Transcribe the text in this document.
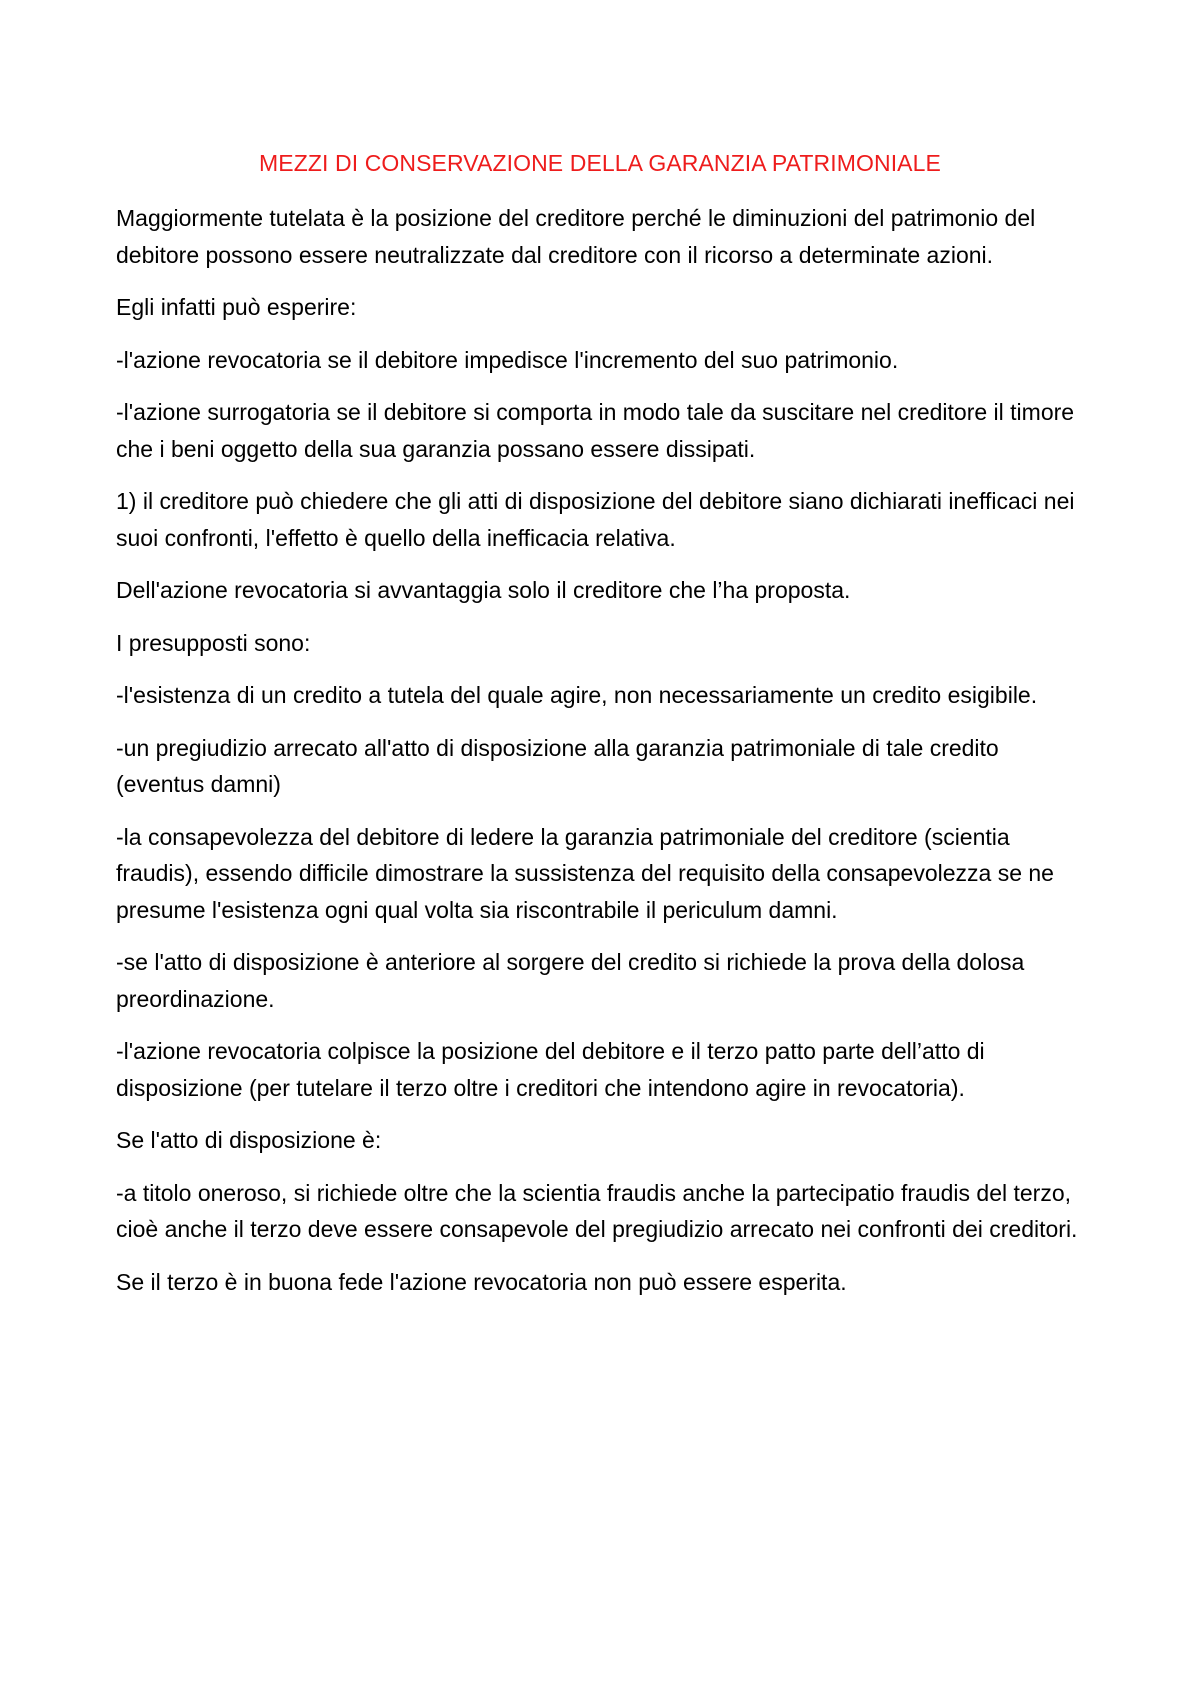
MEZZI DI CONSERVAZIONE DELLA GARANZIA PATRIMONIALE

Maggiormente tutelata è la posizione del creditore perché le diminuzioni del patrimonio del debitore possono essere neutralizzate dal creditore con il ricorso a determinate azioni.

Egli infatti può esperire:

-l'azione revocatoria se il debitore impedisce l'incremento del suo patrimonio.

-l'azione surrogatoria se il debitore si comporta in modo tale da suscitare nel creditore il timore che i beni oggetto della sua garanzia possano essere dissipati.

1) il creditore può chiedere che gli atti di disposizione del debitore siano dichiarati inefficaci nei suoi confronti, l'effetto è quello della inefficacia relativa.

Dell'azione revocatoria si avvantaggia solo il creditore che l’ha proposta.

I presupposti sono:

-l'esistenza di un credito a tutela del quale agire, non necessariamente un credito esigibile.

-un pregiudizio arrecato all'atto di disposizione alla garanzia patrimoniale di tale credito (eventus damni)

-la consapevolezza del debitore di ledere la garanzia patrimoniale del creditore (scientia fraudis), essendo difficile dimostrare la sussistenza del requisito della consapevolezza se ne presume l'esistenza ogni qual volta sia riscontrabile il periculum damni.

-se l'atto di disposizione è anteriore al sorgere del credito si richiede la prova della dolosa preordinazione.

-l'azione revocatoria colpisce la posizione del debitore e il terzo patto parte dell’atto di disposizione (per tutelare il terzo oltre i creditori che intendono agire in revocatoria).

Se l'atto di disposizione è:

-a titolo oneroso, si richiede oltre che la scientia fraudis anche la partecipatio fraudis del terzo, cioè anche il terzo deve essere consapevole del pregiudizio arrecato nei confronti dei creditori.

Se il terzo è in buona fede l'azione revocatoria non può essere esperita.
